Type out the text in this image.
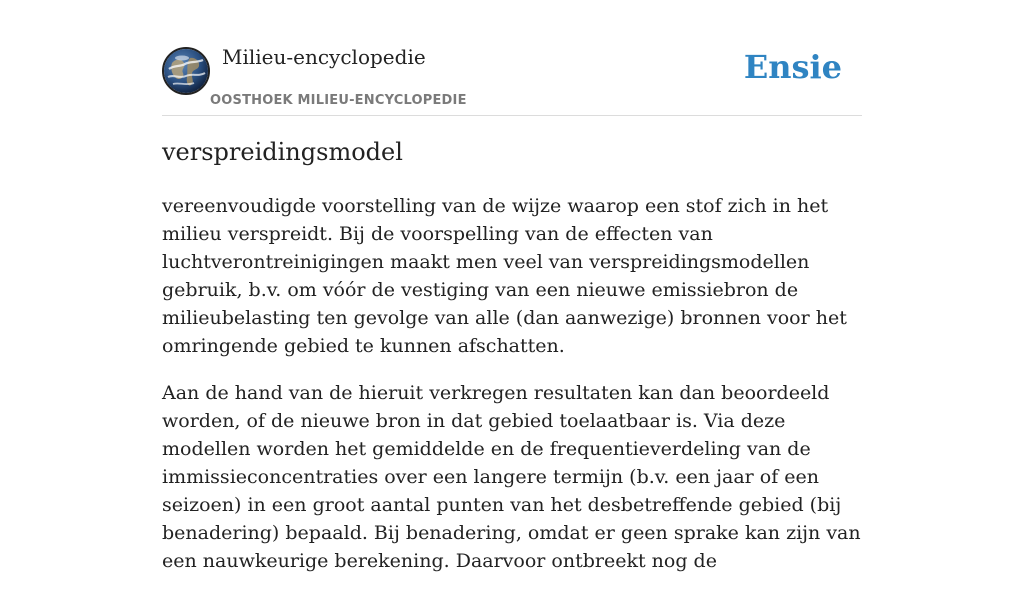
Milieu-encyclopedie
OOSTHOEK MILIEU-ENCYCLOPEDIE
Ensie
verspreidingsmodel

vereenvoudigde voorstelling van de wijze waarop een stof zich in het milieu verspreidt. Bij de voorspelling van de effecten van luchtverontreinigingen maakt men veel van verspreidingsmodellen gebruik, b.v. om vóór de vestiging van een nieuwe emissiebron de milieubelasting ten gevolge van alle (dan aanwezige) bronnen voor het omringende gebied te kunnen afschatten.

Aan de hand van de hieruit verkregen resultaten kan dan beoordeeld worden, of de nieuwe bron in dat gebied toelaatbaar is. Via deze modellen worden het gemiddelde en de frequentieverdeling van de immissieconcentraties over een langere termijn (b.v. een jaar of een seizoen) in een groot aantal punten van het desbetreffende gebied (bij benadering) bepaald. Bij benadering, omdat er geen sprake kan zijn van een nauwkeurige berekening. Daarvoor ontbreekt nog de
